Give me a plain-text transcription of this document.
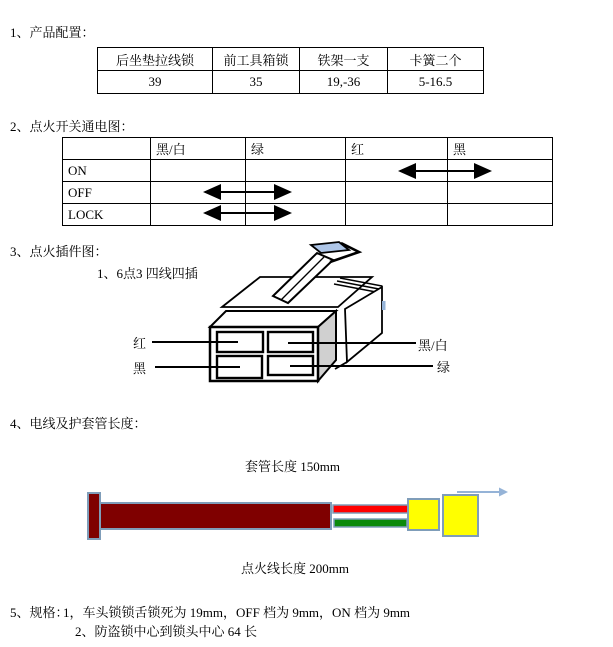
1、产品配置：
后坐垫拉线锁	前工具箱锁	铁架一支	卡簧二个
39	35	19,-36	5-16.5
2、点火开关通电图：
	黑/白	绿	红	黑
ON				
OFF				
LOCK				
3、点火插件图：
1、6点3 四线四插
红
黑
黑/白
绿
4、电线及护套管长度：
套管长度 150mm
点火线长度 200mm
5、规格：
1，车头锁锁舌锁死为 19mm，OFF 档为 9mm，ON 档为 9mm
2、防盗锁中心到锁头中心 64 长
